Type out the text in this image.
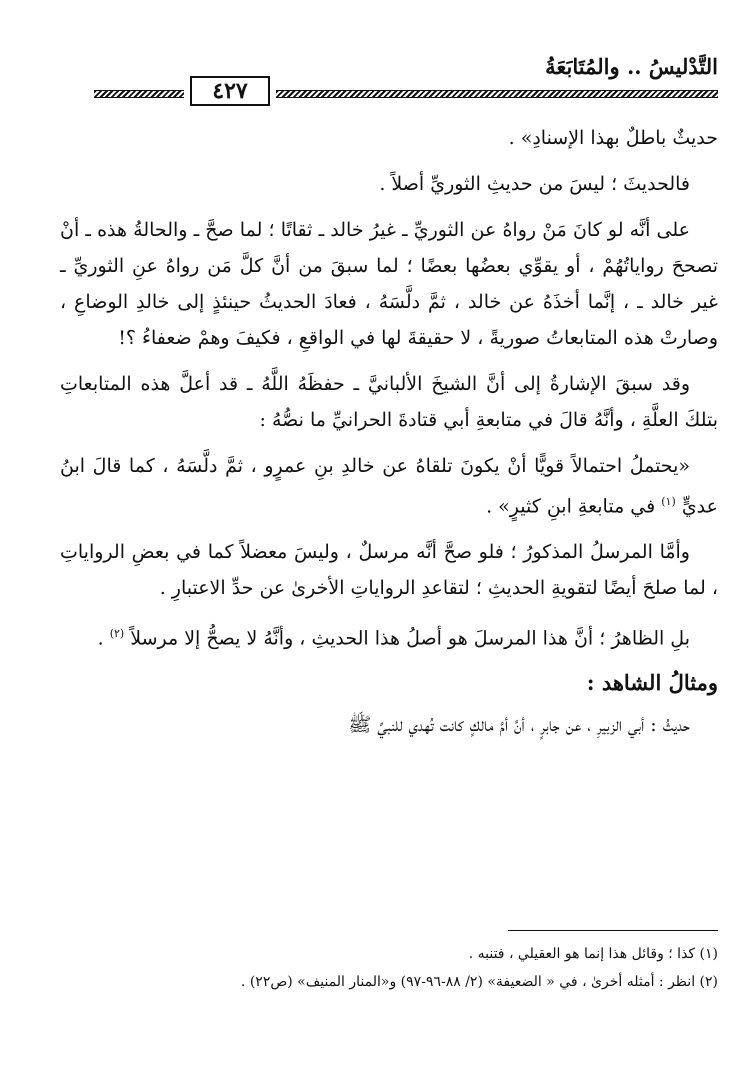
التَّدْليسُ .. والمُتَابَعَةُ
٤٢٧

حديثٌ باطلٌ بهذا الإسنادِ» .

فالحديثَ ؛ ليسَ من حديثِ الثوريِّ أصلاً .

على أنَّه لو كانَ مَنْ رواهُ عن الثوريِّ ـ غيرُ خالد ـ ثقاتًا ؛ لما صحَّ ـ والحالةُ هذه ـ أنْ تصححَ رواياتُهُمْ ، أو يقوِّي بعضُها بعضًا ؛ لما سبقَ من أنَّ كلَّ مَن رواهُ عنِ الثوريِّ ـ غير خالد ـ ، إنَّما أخذَهُ عن خالد ، ثمَّ دلَّسَهُ ، فعادَ الحديثُ حينئذٍ إلى خالدِ الوضاعِ ، وصارتْ هذه المتابعاتُ صوريةً ، لا حقيقةَ لها في الواقعِ ، فكيفَ وهمْ ضعفاءُ ؟!

وقد سبقَ الإشارةُ إلى أنَّ الشيخَ الألبانيَّ ـ حفظَهُ اللَّهُ ـ قد أعلَّ هذه المتابعاتِ بتلكَ العلَّةِ ، وأنَّهُ قالَ في متابعةِ أبي قتادةَ الحرانيِّ ما نصُّهُ :

«يحتملُ احتمالاً قويًّا أنْ يكونَ تلقاهُ عن خالدِ بنِ عمرٍو ، ثمَّ دلَّسَهُ ، كما قالَ ابنُ عديٍّ $^{(١)}$ في متابعةِ ابنِ كثيرٍ» .

وأمَّا المرسلُ المذكورُ ؛ فلو صحَّ أنَّه مرسلٌ ، وليسَ معضلاً كما في بعضِ الرواياتِ ، لما صلحَ أيضًا لتقويةِ الحديثِ ؛ لتقاعدِ الرواياتِ الأخرىٰ عن حدِّ الاعتبارِ .

بلِ الظاهرُ ؛ أنَّ هذا المرسلَ هو أصلُ هذا الحديثِ ، وأنَّهُ لا يصحُّ إلا مرسلاً $^{(٢)}$ .

ومثالُ الشاهد :

حديثُ : أبي الزبيرِ ، عن جابرٍ ، أنَّ أمَّ مالكٍ كانت تُهدي للنبيِّ ﷺ

(١) كذا ؛ وقائل هذا إنما هو العقيلي ، فتنبه .

(٢) انظر : أمثله أخرىٰ ، في « الضعيفة» (٢/ ٨٨-٩٦-٩٧) و«المنار المنيف» (ص٢٢) .
